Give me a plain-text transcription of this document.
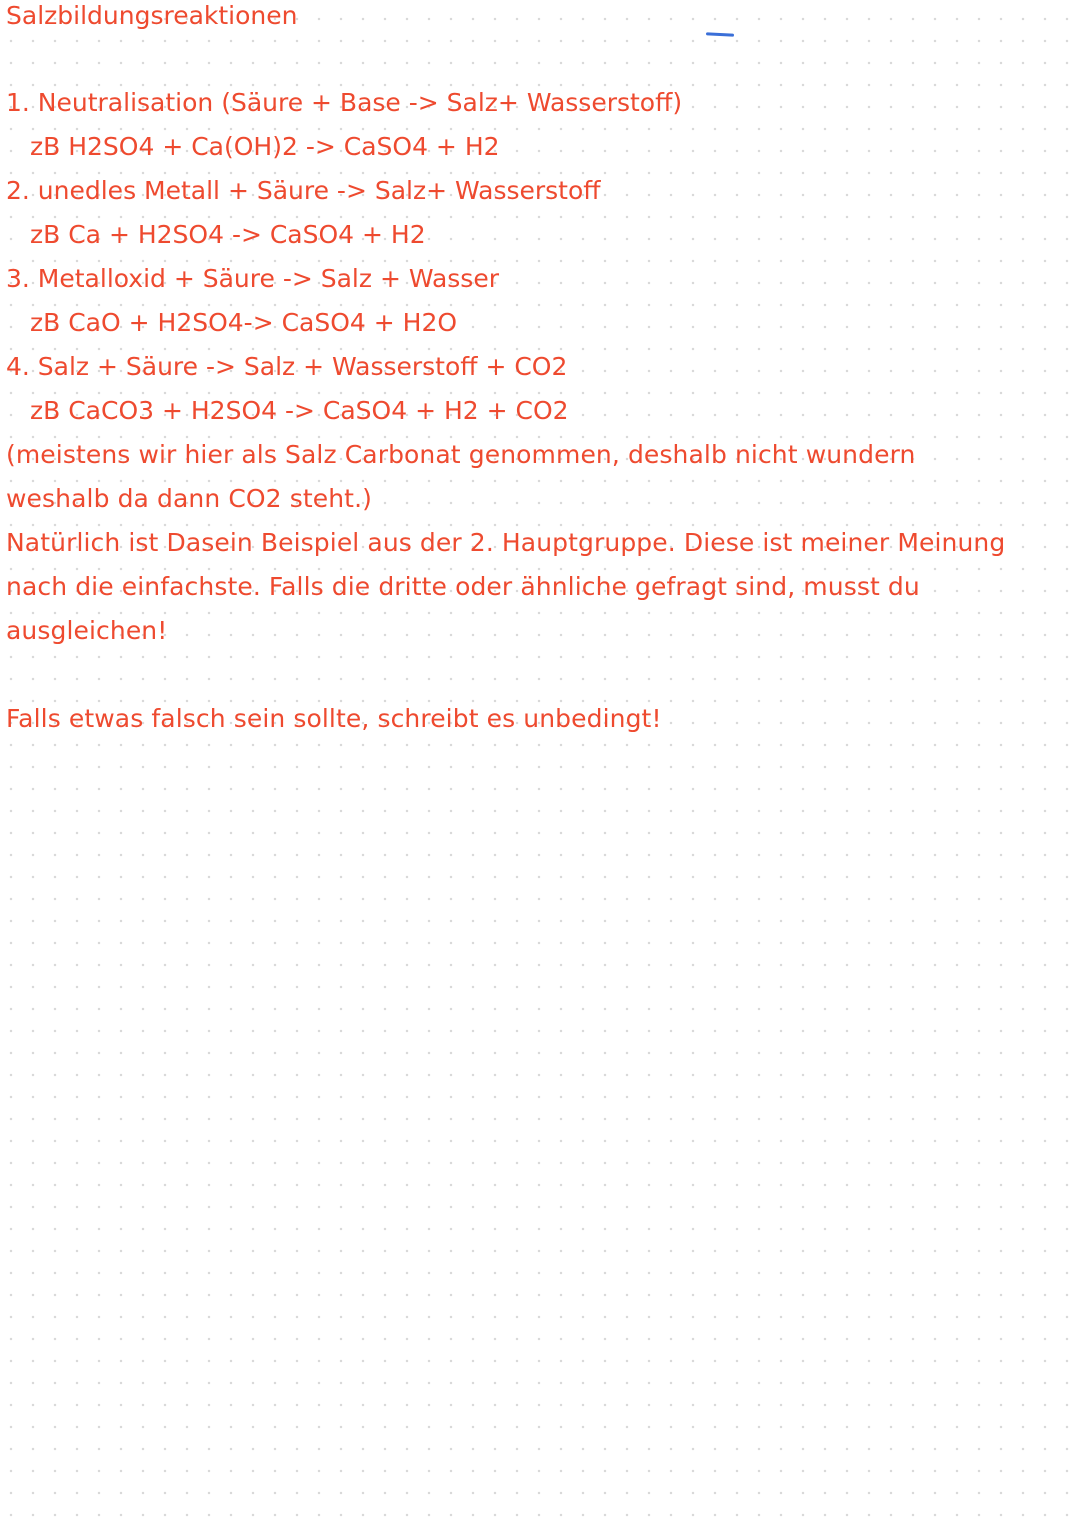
Salzbildungsreaktionen
1. Neutralisation (Säure + Base -> Salz+ Wasserstoff)
zB H2SO4 + Ca(OH)2 -> CaSO4 + H2
2. unedles Metall + Säure -> Salz+ Wasserstoff
zB Ca + H2SO4 -> CaSO4 + H2
3. Metalloxid + Säure -> Salz + Wasser
zB CaO + H2SO4-> CaSO4 + H2O
4. Salz + Säure -> Salz + Wasserstoff + CO2
zB CaCO3 + H2SO4 -> CaSO4 + H2 + CO2
(meistens wir hier als Salz Carbonat genommen, deshalb nicht wundern weshalb da dann CO2 steht.)
Natürlich ist Dasein Beispiel aus der 2. Hauptgruppe. Diese ist meiner Meinung nach die einfachste. Falls die dritte oder ähnliche gefragt sind, musst du ausgleichen!
Falls etwas falsch sein sollte, schreibt es unbedingt!
